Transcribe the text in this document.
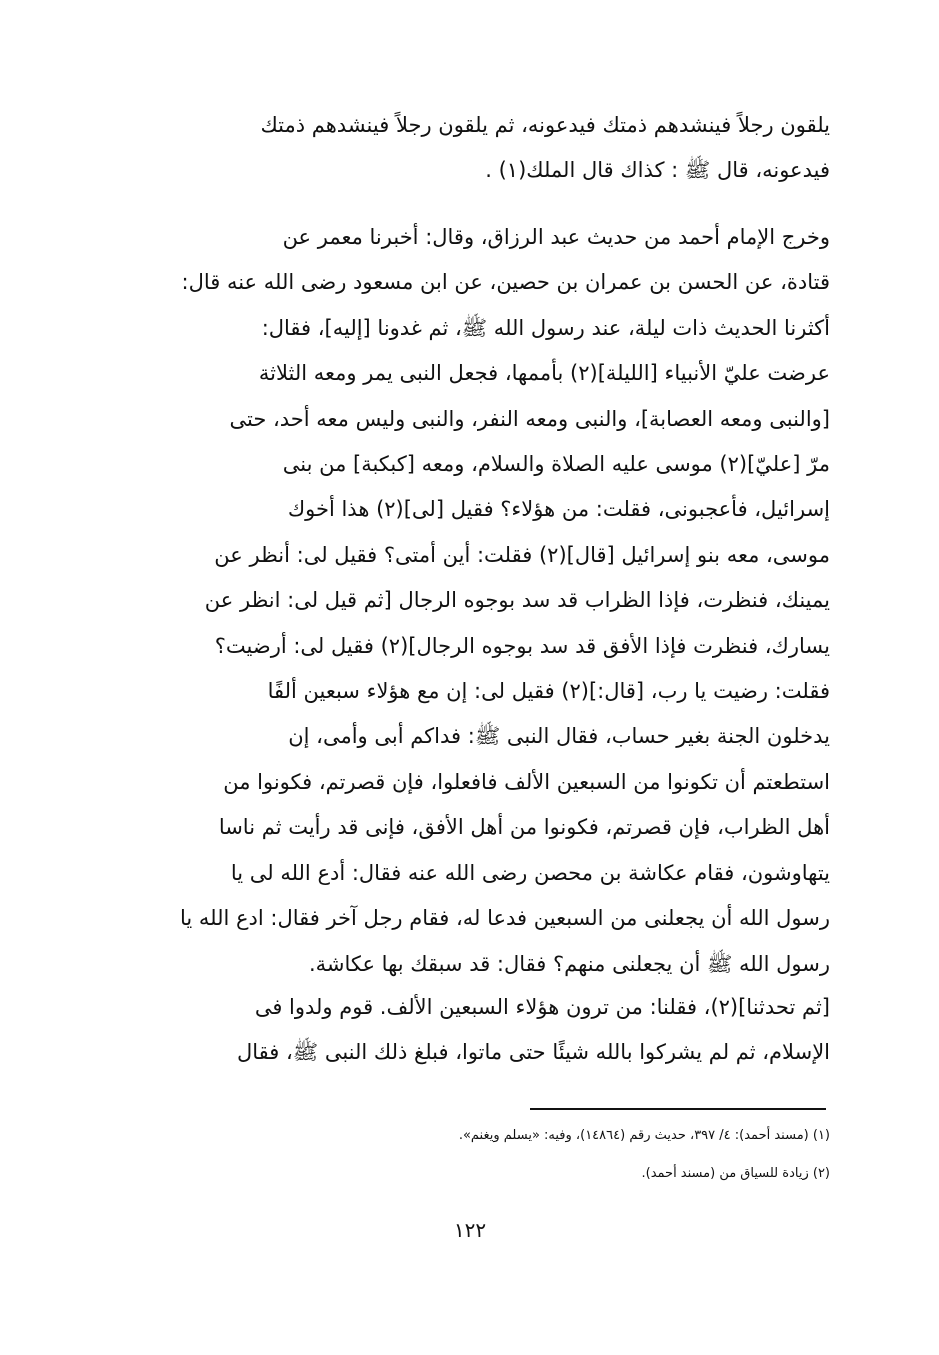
يلقون رجلاً فينشدهم ذمتك فيدعونه، ثم يلقون رجلاً فينشدهم ذمتك
فيدعونه، قال ﷺ : كذاك قال الملك(١) .
وخرج الإمام أحمد من حديث عبد الرزاق، وقال: أخبرنا معمر عن
قتادة، عن الحسن بن عمران بن حصين، عن ابن مسعود رضى الله عنه قال:
أكثرنا الحديث ذات ليلة، عند رسول الله ﷺ، ثم غدونا [إليه]، فقال:
عرضت عليّ الأنبياء [الليلة](٢) بأممها، فجعل النبى يمر ومعه الثلاثة
[والنبى ومعه العصابة]، والنبى ومعه النفر، والنبى وليس معه أحد، حتى
مرّ [عليّ](٢) موسى عليه الصلاة والسلام، ومعه [كبكبة] من بنى
إسرائيل، فأعجبونى، فقلت: من هؤلاء؟ فقيل [لى](٢) هذا أخوك
موسى، معه بنو إسرائيل [قال](٢) فقلت: أين أمتى؟ فقيل لى: أنظر عن
يمينك، فنظرت، فإذا الظراب قد سد بوجوه الرجال [ثم قيل لى: انظر عن
يسارك، فنظرت فإذا الأفق قد سد بوجوه الرجال](٢) فقيل لى: أرضيت؟
فقلت: رضيت يا رب، [قال:](٢) فقيل لى: إن مع هؤلاء سبعين ألفًا
يدخلون الجنة بغير حساب، فقال النبى ﷺ: فداكم أبى وأمى، إن
استطعتم أن تكونوا من السبعين الألف فافعلوا، فإن قصرتم، فكونوا من
أهل الظراب، فإن قصرتم، فكونوا من أهل الأفق، فإنى قد رأيت ثم ناسا
يتهاوشون، فقام عكاشة بن محصن رضى الله عنه فقال: أدع الله لى يا
رسول الله أن يجعلنى من السبعين فدعا له، فقام رجل آخر فقال: ادع الله يا
رسول الله ﷺ أن يجعلنى منهم؟ فقال: قد سبقك بها عكاشة.
[ثم تحدثنا](٢)، فقلنا: من ترون هؤلاء السبعين الألف. قوم ولدوا فى
الإسلام، ثم لم يشركوا بالله شيئًا حتى ماتوا، فبلغ ذلك النبى ﷺ، فقال

(١) (مسند أحمد): ٤/ ٣٩٧، حديث رقم (١٤٨٦٤)، وفيه: «يسلم ويغنم».

(٢) زيادة للسياق من (مسند أحمد).

١٢٢
